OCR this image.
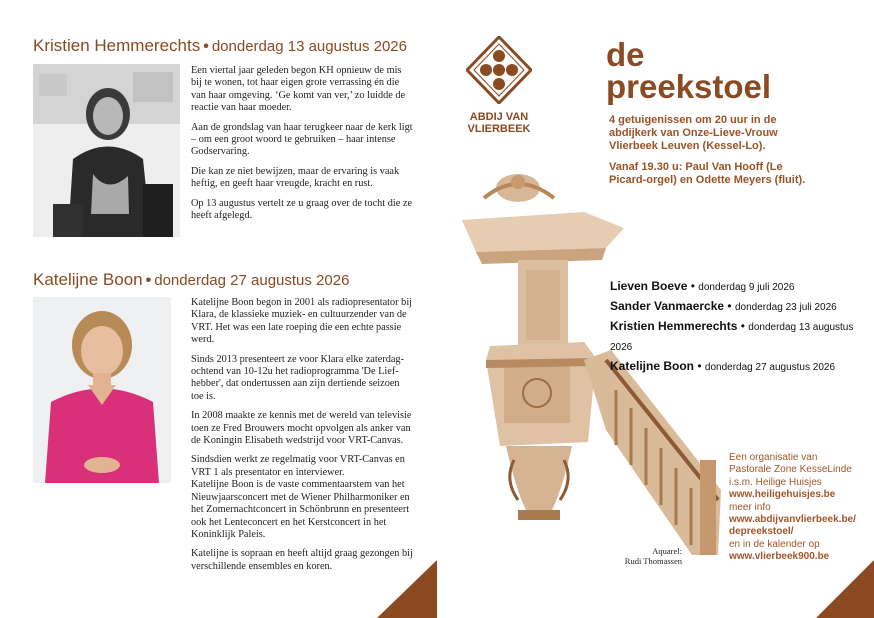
Kristien Hemmerechts • donderdag 13 augustus 2026

Een viertal jaar geleden begon KH opnieuw de mis bij te wonen, tot haar eigen grote verrassing én die van haar omgeving. ‘Ge komt van ver,’ zo luidde de reactie van haar moeder.

Aan de grondslag van haar terugkeer naar de kerk ligt – om een groot woord te gebruiken – haar intense Godservaring.

Die kan ze niet bewijzen, maar de ervaring is vaak heftig, en geeft haar vreugde, kracht en rust.

Op 13 augustus vertelt ze u graag over de tocht die ze heeft afgelegd.

Katelijne Boon • donderdag 27 augustus 2026

Katelijne Boon begon in 2001 als radiopresentator bij Klara, de klassieke muziek- en cultuurzender van de VRT. Het was een late roeping die een echte passie werd.

Sinds 2013 presenteert ze voor Klara elke zaterdag-ochtend van 10-12u het radioprogramma 'De Lief-hebber', dat ondertussen aan zijn dertiende seizoen toe is.

In 2008 maakte ze kennis met de wereld van televisie toen ze Fred Brouwers mocht opvolgen als anker van de Koningin Elisabeth wedstrijd voor VRT-Canvas.

Sindsdien werkt ze regelmatig voor VRT-Canvas en VRT 1 als presentator en interviewer.
Katelijne Boon is de vaste commentaarstem van het Nieuwjaarsconcert met de Wiener Philharmoniker en het Zomernachtconcert in Schönbrunn en presenteert ook het Lenteconcert en het Kerstconcert in het Koninklijk Paleis.

Katelijne is sopraan en heeft altijd graag gezongen bij verschillende ensembles en koren.

ABDIJ VAN
VLIERBEEK
de
preekstoel

4 getuigenissen om 20 uur in de abdijkerk van Onze-Lieve-Vrouw Vlierbeek Leuven (Kessel-Lo).

Vanaf 19.30 u: Paul Van Hooff (Le Picard-orgel) en Odette Meyers (fluit).

Lieven Boeve • donderdag 9 juli 2026
Sander Vanmaercke • donderdag 23 juli 2026
Kristien Hemmerechts • donderdag 13 augustus 2026
Katelijne Boon • donderdag 27 augustus 2026
Een organisatie van
Pastorale Zone KesseLinde
i.s.m. Heilige Huisjes
www.heiligehuisjes.be
meer info
www.abdijvanvlierbeek.be/
depreekstoel/
en in de kalender op
www.vlierbeek900.be
Aquarel:
Rudi Thomassen
